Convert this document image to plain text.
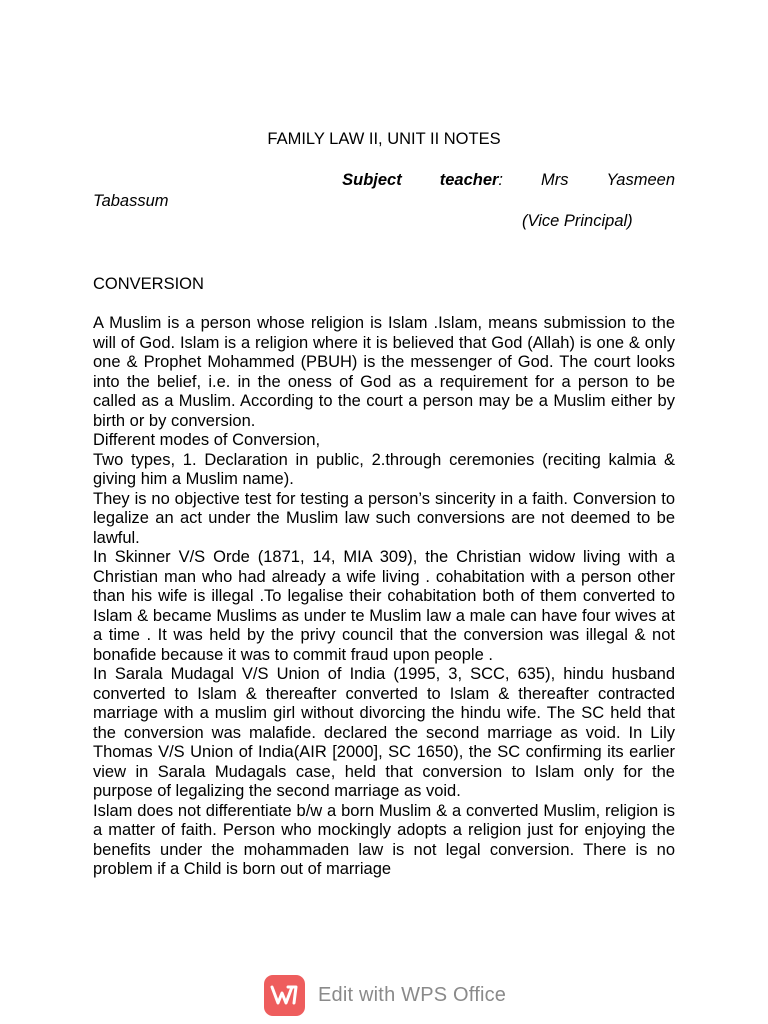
FAMILY LAW II, UNIT II NOTES
Subject teacher: Mrs Yasmeen
Tabassum
(Vice Principal)
CONVERSION

A Muslim is a person whose religion is Islam .Islam, means submission to the will of God. Islam is a religion where it is believed that God (Allah) is one & only one & Prophet Mohammed (PBUH) is the messenger of God. The court looks into the belief, i.e. in the oness of God as a requirement for a person to be called as a Muslim. According to the court a person may be a Muslim either by birth or by conversion.

Different modes of Conversion,

Two types, 1. Declaration in public, 2.through ceremonies (reciting kalmia & giving him a Muslim name).

They is no objective test for testing a person’s sincerity in a faith. Conversion to legalize an act under the Muslim law such conversions are not deemed to be lawful.

In Skinner V/S Orde (1871, 14, MIA 309), the Christian widow living with a Christian man who had already a wife living . cohabitation with a person other than his wife is illegal .To legalise their cohabitation both of them converted to Islam & became Muslims as under te Muslim law a male can have four wives at a time . It was held by the privy council that the conversion was illegal & not bonafide because it was to commit fraud upon people .

In Sarala Mudagal V/S Union of India (1995, 3, SCC, 635), hindu husband converted to Islam & thereafter converted to Islam & thereafter contracted marriage with a muslim girl without divorcing the hindu wife. The SC held that the conversion was malafide. declared the second marriage as void. In Lily Thomas V/S Union of India(AIR [2000], SC 1650), the SC confirming its earlier view in Sarala Mudagals case, held that conversion to Islam only for the purpose of legalizing the second marriage as void.

Islam does not differentiate b/w a born Muslim & a converted Muslim, religion is a matter of faith. Person who mockingly adopts a religion just for enjoying the benefits under the mohammaden law is not legal conversion. There is no problem if a Child is born out of marriage

Edit with WPS Office
